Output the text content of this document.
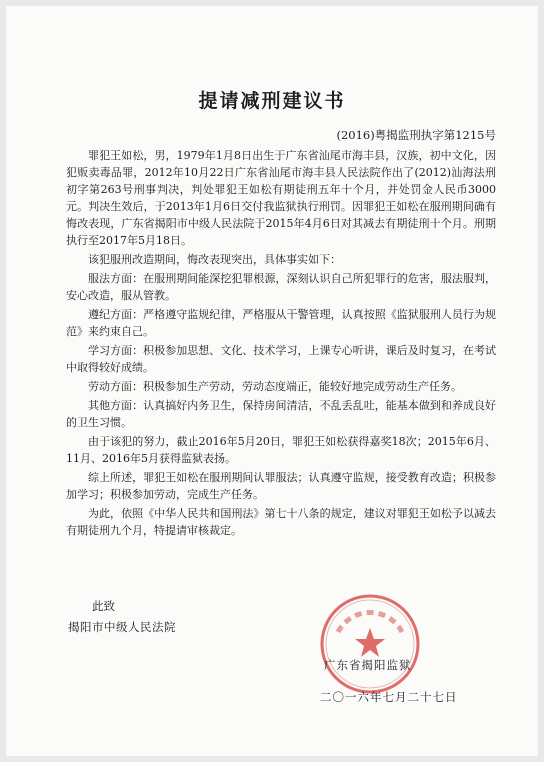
提请减刑建议书
(2016)粤揭监刑执字第1215号

罪犯王如松，男，1979年1月8日出生于广东省汕尾市海丰县，汉族，初中文化，因犯贩卖毒品罪，2012年10月22日广东省汕尾市海丰县人民法院作出了(2012)汕海法刑初字第263号刑事判决，判处罪犯王如松有期徒刑五年十个月，并处罚金人民币3000元。判决生效后，于2013年1月6日交付我监狱执行刑罚。因罪犯王如松在服刑期间确有悔改表现，广东省揭阳市中级人民法院于2015年4月6日对其减去有期徒刑十个月。刑期执行至2017年5月18日。

该犯服刑改造期间，悔改表现突出，具体事实如下：

服法方面：在服刑期间能深挖犯罪根源，深刻认识自己所犯罪行的危害，服法服判，安心改造，服从管教。

遵纪方面：严格遵守监规纪律，严格服从干警管理，认真按照《监狱服刑人员行为规范》来约束自己。

学习方面：积极参加思想、文化、技术学习，上课专心听讲，课后及时复习，在考试中取得较好成绩。

劳动方面：积极参加生产劳动，劳动态度端正，能较好地完成劳动生产任务。

其他方面：认真搞好内务卫生，保持房间清洁，不乱丢乱吐，能基本做到和养成良好的卫生习惯。

由于该犯的努力，截止2016年5月20日，罪犯王如松获得嘉奖18次；2015年6月、11月、2016年5月获得监狱表扬。

综上所述，罪犯王如松在服刑期间认罪服法；认真遵守监规，接受教育改造；积极参加学习；积极参加劳动，完成生产任务。

为此，依照《中华人民共和国刑法》第七十八条的规定，建议对罪犯王如松予以减去有期徒刑九个月，特提请审核裁定。

此致
揭阳市中级人民法院
广东省揭阳监狱
二〇一六年七月二十七日
